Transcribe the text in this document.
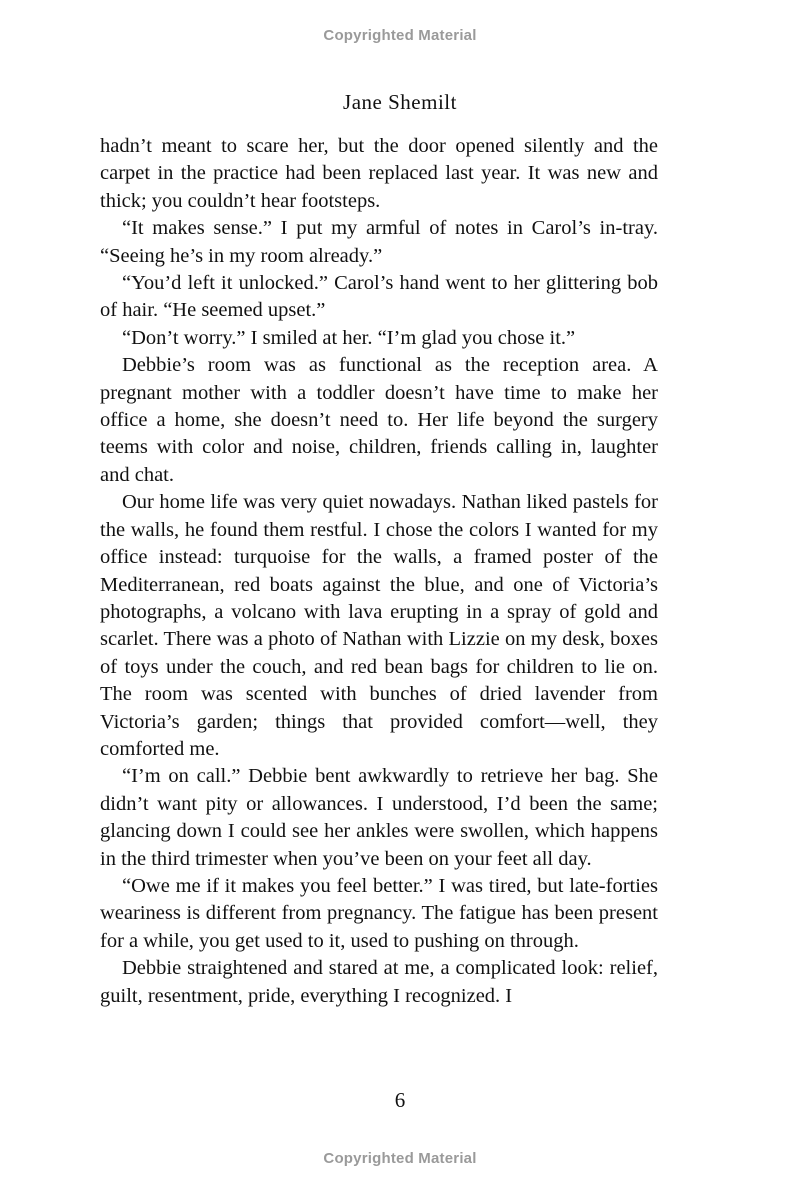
Copyrighted Material
Jane Shemilt

hadn’t meant to scare her, but the door opened silently and the carpet in the practice had been replaced last year. It was new and thick; you couldn’t hear footsteps.

“It makes sense.” I put my armful of notes in Carol’s in-tray. “Seeing he’s in my room already.”

“You’d left it unlocked.” Carol’s hand went to her glittering bob of hair. “He seemed upset.”

“Don’t worry.” I smiled at her. “I’m glad you chose it.”

Debbie’s room was as functional as the reception area. A pregnant mother with a toddler doesn’t have time to make her office a home, she doesn’t need to. Her life beyond the surgery teems with color and noise, children, friends calling in, laughter and chat.

Our home life was very quiet nowadays. Nathan liked pastels for the walls, he found them restful. I chose the colors I wanted for my office instead: turquoise for the walls, a framed poster of the Mediterranean, red boats against the blue, and one of Victoria’s photographs, a volcano with lava erupting in a spray of gold and scarlet. There was a photo of Nathan with Lizzie on my desk, boxes of toys under the couch, and red bean bags for children to lie on. The room was scented with bunches of dried lavender from Victoria’s garden; things that provided comfort—well, they comforted me.

“I’m on call.” Debbie bent awkwardly to retrieve her bag. She didn’t want pity or allowances. I understood, I’d been the same; glancing down I could see her ankles were swollen, which happens in the third trimester when you’ve been on your feet all day.

“Owe me if it makes you feel better.” I was tired, but late-forties weariness is different from pregnancy. The fatigue has been present for a while, you get used to it, used to pushing on through.

Debbie straightened and stared at me, a complicated look: relief, guilt, resentment, pride, everything I recognized. I

6
Copyrighted Material
